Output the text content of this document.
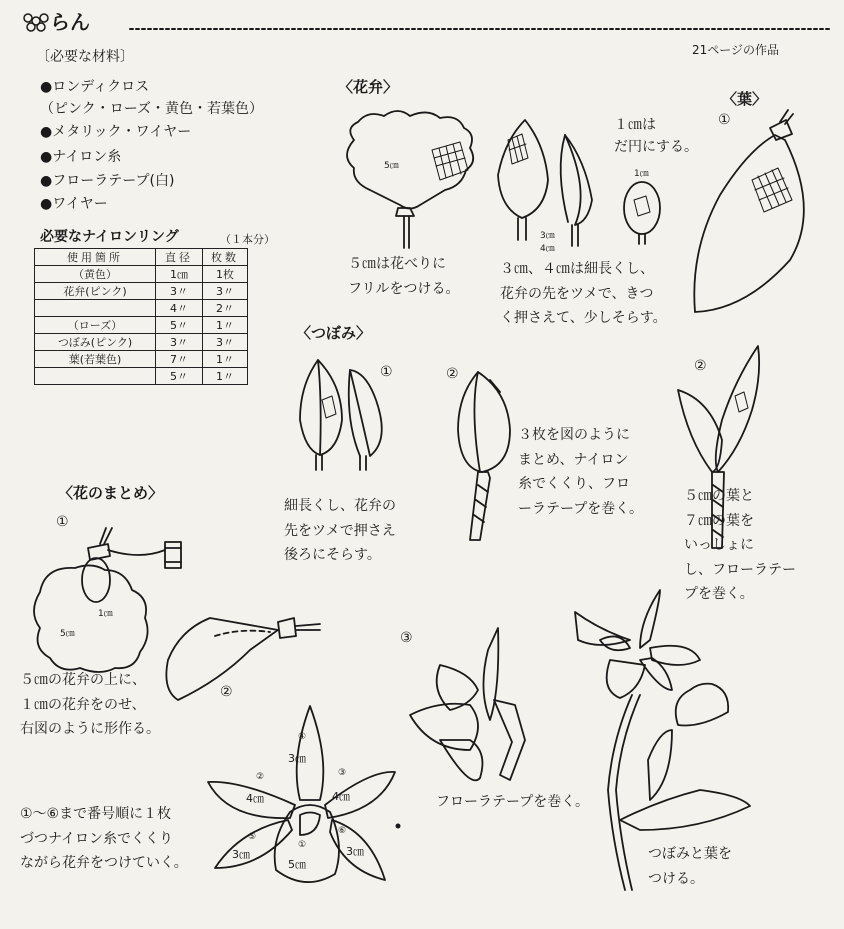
らん
21ページの作品
〔必要な材料〕
●ロンディクロス
（ピンク・ローズ・黄色・若葉色）
●メタリック・ワイヤー
●ナイロン糸
●フローラテープ(白)
●ワイヤー
必要なナイロンリング	（１本分）
使用箇所	直径	枚数
（黄色）	1㎝	1枚
花弁(ピンク)	3〃	3〃
	4〃	2〃
（ローズ）	5〃	1〃
つぼみ(ピンク)	3〃	3〃
葉(若葉色)	7〃	1〃
	5〃	1〃
〈花弁〉
5㎝
3㎝
4㎝
1㎝
１㎝は
だ円にする。
５㎝は花べりに
フリルをつける。
３㎝、４㎝は細長くし、
花弁の先をツメで、きつ
く押さえて、少しそらす。
〈葉〉
①
〈つぼみ〉
①	②
細長くし、花弁の
先をツメで押さえ
後ろにそらす。
３枚を図のように
まとめ、ナイロン
糸でくくり、フロ
ーラテープを巻く。
②
５㎝の葉と
７㎝の葉を
いっしょに
し、フローラテー
プを巻く。
〈花のまとめ〉
①
1㎝
5㎝
５㎝の花弁の上に、
１㎝の花弁をのせ、
右図のように形作る。
②
①～⑥まで番号順に１枚
づつナイロン糸でくくり
ながら花弁をつけていく。
④
3㎝
②
4㎝
③
4㎝
⑤
3㎝
⑥
3㎝
①
5㎝
③
フローラテープを巻く。
つぼみと葉を
つける。
